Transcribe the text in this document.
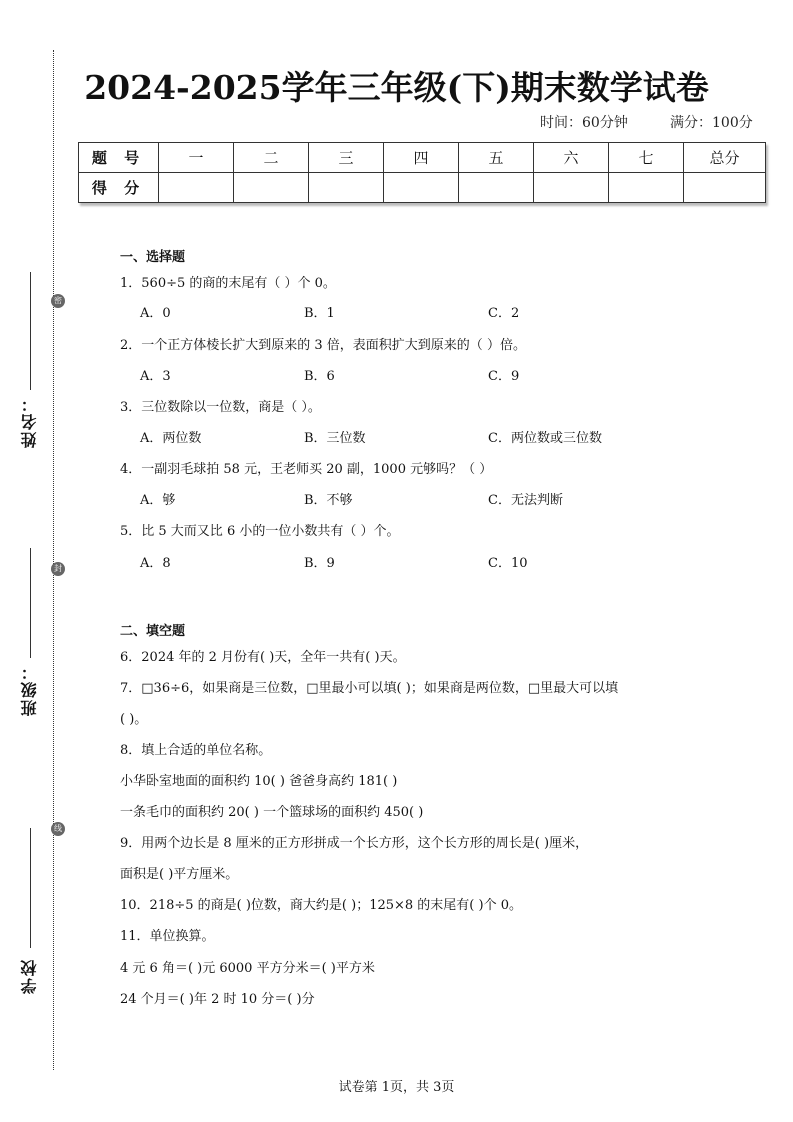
密
封
线
姓名：
班级：
学校
2024-2025学年三年级(下)期末数学试卷
时间：60分钟	满分：100分
题 号	一	二	三	四	五	六	七	总分
得 分								
一、选择题
1．560÷5 的商的末尾有（ ）个 0。
A．0	B．1	C．2
2．一个正方体棱长扩大到原来的 3 倍，表面积扩大到原来的（ ）倍。
A．3	B．6	C．9
3．三位数除以一位数，商是（ ）。
A．两位数	B．三位数	C．两位数或三位数
4．一副羽毛球拍 58 元，王老师买 20 副，1000 元够吗？（ ）
A．够	B．不够	C．无法判断
5．比 5 大而又比 6 小的一位小数共有（ ）个。
A．8	B．9	C．10
二、填空题
6．2024 年的 2 月份有( )天，全年一共有( )天。
7．□36÷6，如果商是三位数，□里最小可以填( )；如果商是两位数，□里最大可以填
( )。
8．填上合适的单位名称。
小华卧室地面的面积约 10( ) 爸爸身高约 181( )
一条毛巾的面积约 20( ) 一个篮球场的面积约 450( )
9．用两个边长是 8 厘米的正方形拼成一个长方形，这个长方形的周长是( )厘米，
面积是( )平方厘米。
10．218÷5 的商是( )位数，商大约是( )；125×8 的末尾有( )个 0。
11．单位换算。
4 元 6 角＝( )元 6000 平方分米＝( )平方米
24 个月＝( )年 2 时 10 分＝( )分
试卷第 1页，共 3页
